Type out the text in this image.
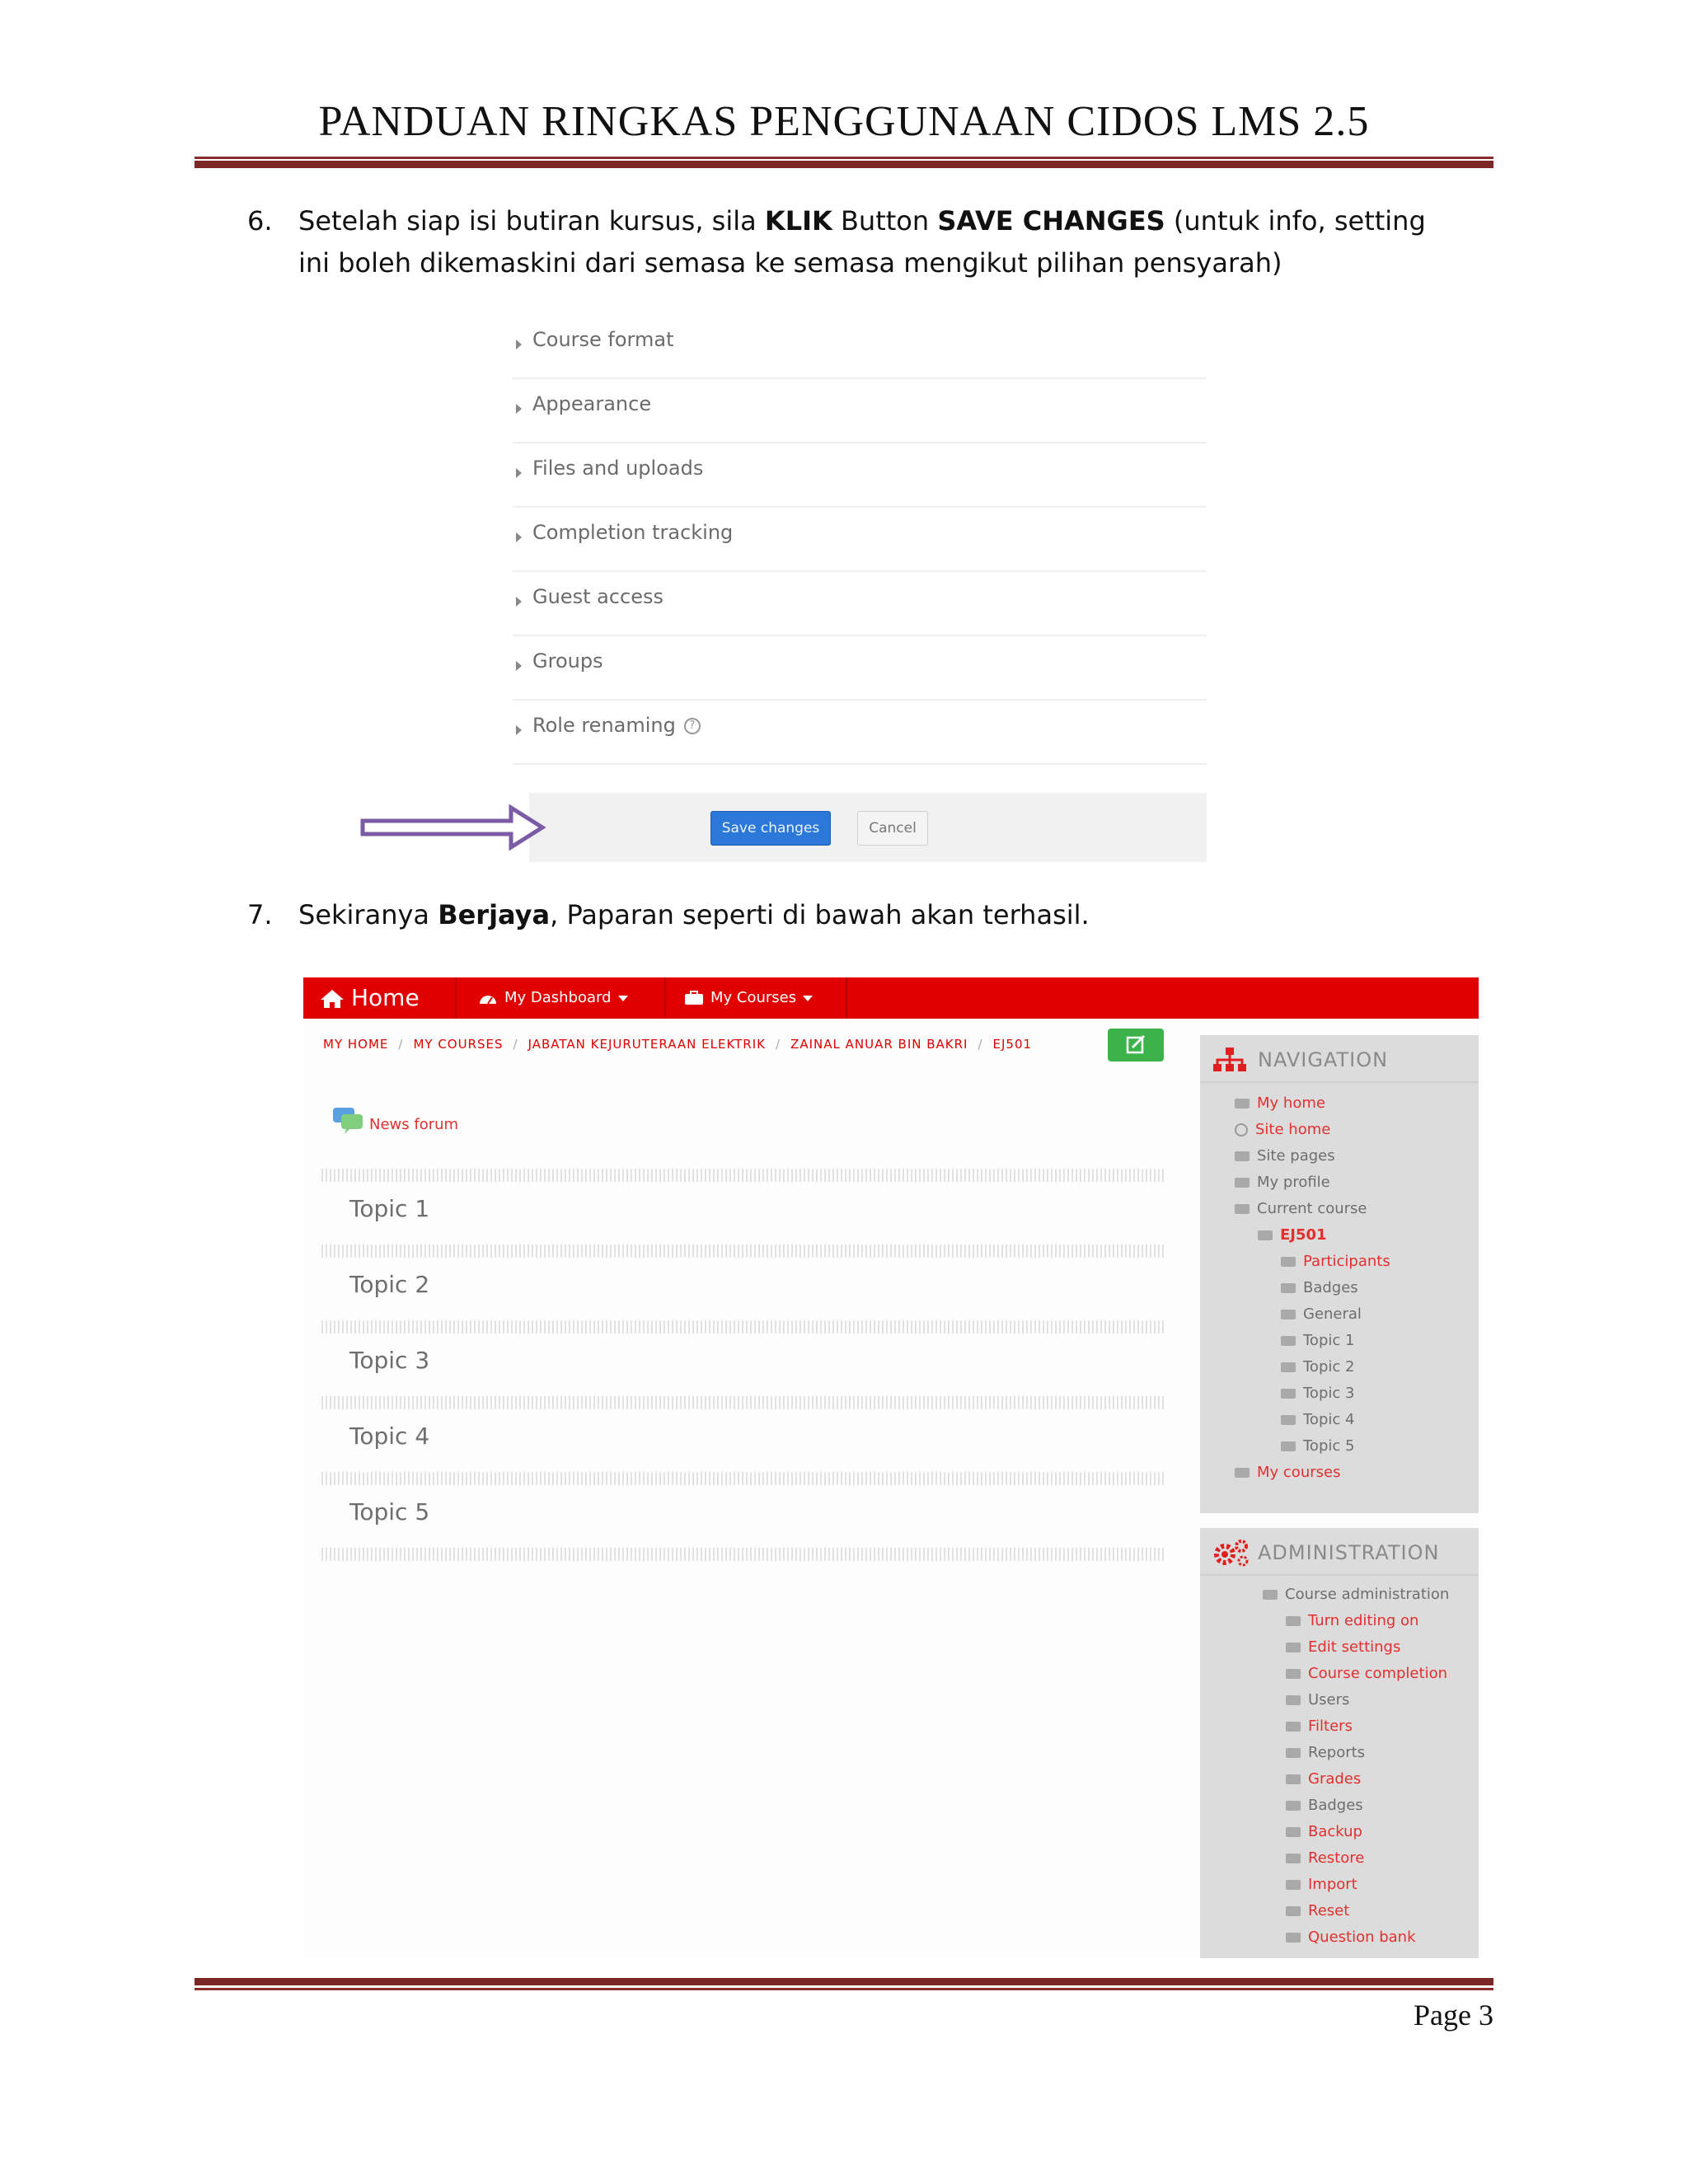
PANDUAN RINGKAS PENGGUNAAN CIDOS LMS 2.5
6. Setelah siap isi butiran kursus, sila KLIK Button SAVE CHANGES (untuk info, setting ini boleh dikemaskini dari semasa ke semasa mengikut pilihan pensyarah)
Course format
Appearance
Files and uploads
Completion tracking
Guest access
Groups
Role renaming ?
Save changes	Cancel
7. Sekiranya Berjaya, Paparan seperti di bawah akan terhasil.
Home	My Dashboard	My Courses
MY HOME / MY COURSES / JABATAN KEJURUTERAAN ELEKTRIK / ZAINAL ANUAR BIN BAKRI / EJ501
News forum
Topic 1
Topic 2
Topic 3
Topic 4
Topic 5
NAVIGATION
My home
Site home
Site pages
My profile
Current course
EJ501
Participants
Badges
General
Topic 1
Topic 2
Topic 3
Topic 4
Topic 5
My courses
ADMINISTRATION
Course administration
Turn editing on
Edit settings
Course completion
Users
Filters
Reports
Grades
Badges
Backup
Restore
Import
Reset
Question bank
Page 3
